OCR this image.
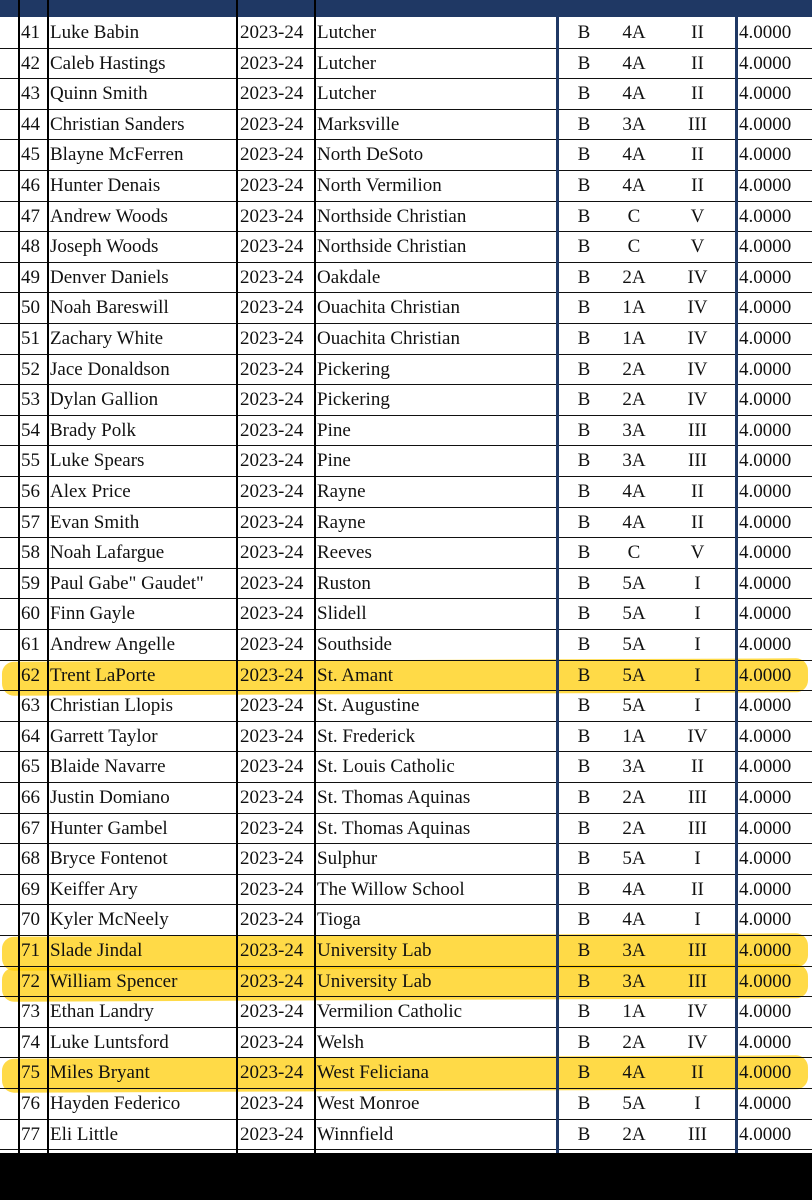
41 Luke Babin	2023-24 Lutcher	B	4A	II	4.0000
42 Caleb Hastings	2023-24 Lutcher	B	4A	II	4.0000
43 Quinn Smith	2023-24 Lutcher	B	4A	II	4.0000
44 Christian Sanders	2023-24 Marksville	B	3A	III	4.0000
45 Blayne McFerren	2023-24 North DeSoto	B	4A	II	4.0000
46 Hunter Denais	2023-24 North Vermilion	B	4A	II	4.0000
47 Andrew Woods	2023-24 Northside Christian	B	C	V	4.0000
48 Joseph Woods	2023-24 Northside Christian	B	C	V	4.0000
49 Denver Daniels	2023-24 Oakdale	B	2A	IV	4.0000
50 Noah Bareswill	2023-24 Ouachita Christian	B	1A	IV	4.0000
51 Zachary White	2023-24 Ouachita Christian	B	1A	IV	4.0000
52 Jace Donaldson	2023-24 Pickering	B	2A	IV	4.0000
53 Dylan Gallion	2023-24 Pickering	B	2A	IV	4.0000
54 Brady Polk	2023-24 Pine	B	3A	III	4.0000
55 Luke Spears	2023-24 Pine	B	3A	III	4.0000
56 Alex Price	2023-24 Rayne	B	4A	II	4.0000
57 Evan Smith	2023-24 Rayne	B	4A	II	4.0000
58 Noah Lafargue	2023-24 Reeves	B	C	V	4.0000
59 Paul Gabe" Gaudet"	2023-24 Ruston	B	5A	I	4.0000
60 Finn Gayle	2023-24 Slidell	B	5A	I	4.0000
61 Andrew Angelle	2023-24 Southside	B	5A	I	4.0000
62 Trent LaPorte	2023-24 St. Amant	B	5A	I	4.0000
63 Christian Llopis	2023-24 St. Augustine	B	5A	I	4.0000
64 Garrett Taylor	2023-24 St. Frederick	B	1A	IV	4.0000
65 Blaide Navarre	2023-24 St. Louis Catholic	B	3A	II	4.0000
66 Justin Domiano	2023-24 St. Thomas Aquinas	B	2A	III	4.0000
67 Hunter Gambel	2023-24 St. Thomas Aquinas	B	2A	III	4.0000
68 Bryce Fontenot	2023-24 Sulphur	B	5A	I	4.0000
69 Keiffer Ary	2023-24 The Willow School	B	4A	II	4.0000
70 Kyler McNeely	2023-24 Tioga	B	4A	I	4.0000
71 Slade Jindal	2023-24 University Lab	B	3A	III	4.0000
72 William Spencer	2023-24 University Lab	B	3A	III	4.0000
73 Ethan Landry	2023-24 Vermilion Catholic	B	1A	IV	4.0000
74 Luke Luntsford	2023-24 Welsh	B	2A	IV	4.0000
75 Miles Bryant	2023-24 West Feliciana	B	4A	II	4.0000
76 Hayden Federico	2023-24 West Monroe	B	5A	I	4.0000
77 Eli Little	2023-24 Winnfield	B	2A	III	4.0000
